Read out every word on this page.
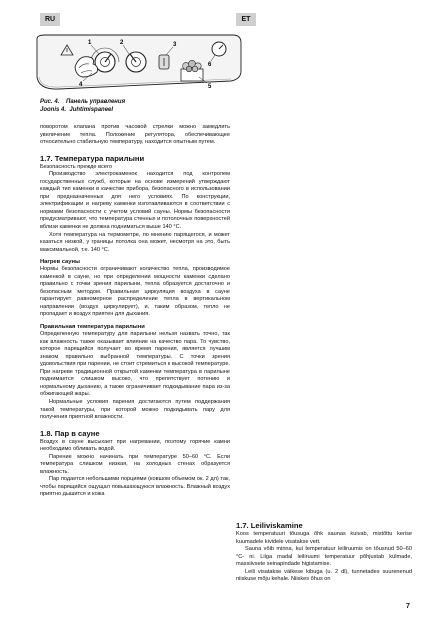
RU	ET
1	2	3
4	5
6
Рис. 4. Панель управления
Joonis 4. Juhtimispaneel

поворотом клапана против часовой стрелки можно замедлить увеличение тепла. Положение регулятора, обеспечивающее относительно стабильную температуру, находится опытным путем.

1.7. Температура парилыни

Безопасность прежде всего

Производство электрокаменок находится под контролем государственных служб, которые на основе измерений утверждают каждый тип каменки в качестве прибора, безопасного в использовании при предназначенных для него условиях. По конструкции, электрификации и нагреву каменки изготавливаются в соответствии с нормами безопасности с учетом условий сауны. Нормы безопасности предусматривают, что температура стенных и потолочных поверхностей вблизи каменки не должна подниматься выше 140 °C.

Хотя температура на термометре, по мнению парящегося, и может казаться низкой, у границы потолка она может, несмотря на это, быть максимальной, т.е. 140 °C.

Нагрев сауны

Нормы безопасности ограничивают количество тепла, производимое каменкой в сауне, но при определении мощности каменки сделано правильно с точки зрения парилыни, тепла образуется достаточно и безопасным методом. Правильная циркуляция воздуха в сауне гарантирует равномерное распределение тепла в вертикальном направлении (воздух циркулирует), и, таким образом, тепло не пропадает и воздух приятен для дыхания.

Правильная температура парилыни

Определенную температуру для парилыни нельзя назвать точно, так как влажность также оказывает влияние на качество пара. То чувство, которое парящийся получает во время парения, является лучшим знаком правильно выбранной температуры. С точки зрения удовольствия при парении, не стоит стремиться к высокой температуре. При нагреве традиционной открытой каменки температура в парилыне поднимается слишком высоко, что препятствует потению и нормальному дыханию, а также ограничивает подкидывание пара из-за обжигающей жары.

Нормальные условия парения достигаются путем поддержания такой температуры, при которой можно подкидывать пару для получения приятной влажности.

1.8. Пар в сауне

Воздух в сауне высыхает при нагревании, поэтому горячие камни необходимо обливать водой.

Парение можно начинать при температуре 50–60 °C. Если температура слишком низкая, на холодных стенах образуется влажность.

Пар подается небольшими порциями (ковшом объемом ок. 2 дл) так, чтобы парящийся ощущал повышающуюся влажность. Влажный воздух приятно дышится и кожа

1.7. Leiliviskamine

Koos temperatuuri tõusuga õhk saunas kuivab, mistõttu kerise kuumadele kividele visatakse vett.

Sauna võib minna, kui temperatuur leiliruumis on tõusnud 50–60 °C- ni. Liiga madal leiliruumi temperatuur põhjustab külmade, massiivsete seinapindade higistamise.

Leili visatakse väikese kibuga (u. 2 dl), tunnetades suurenenud niiskuse mõju kehale. Niiskes õhus on

7
